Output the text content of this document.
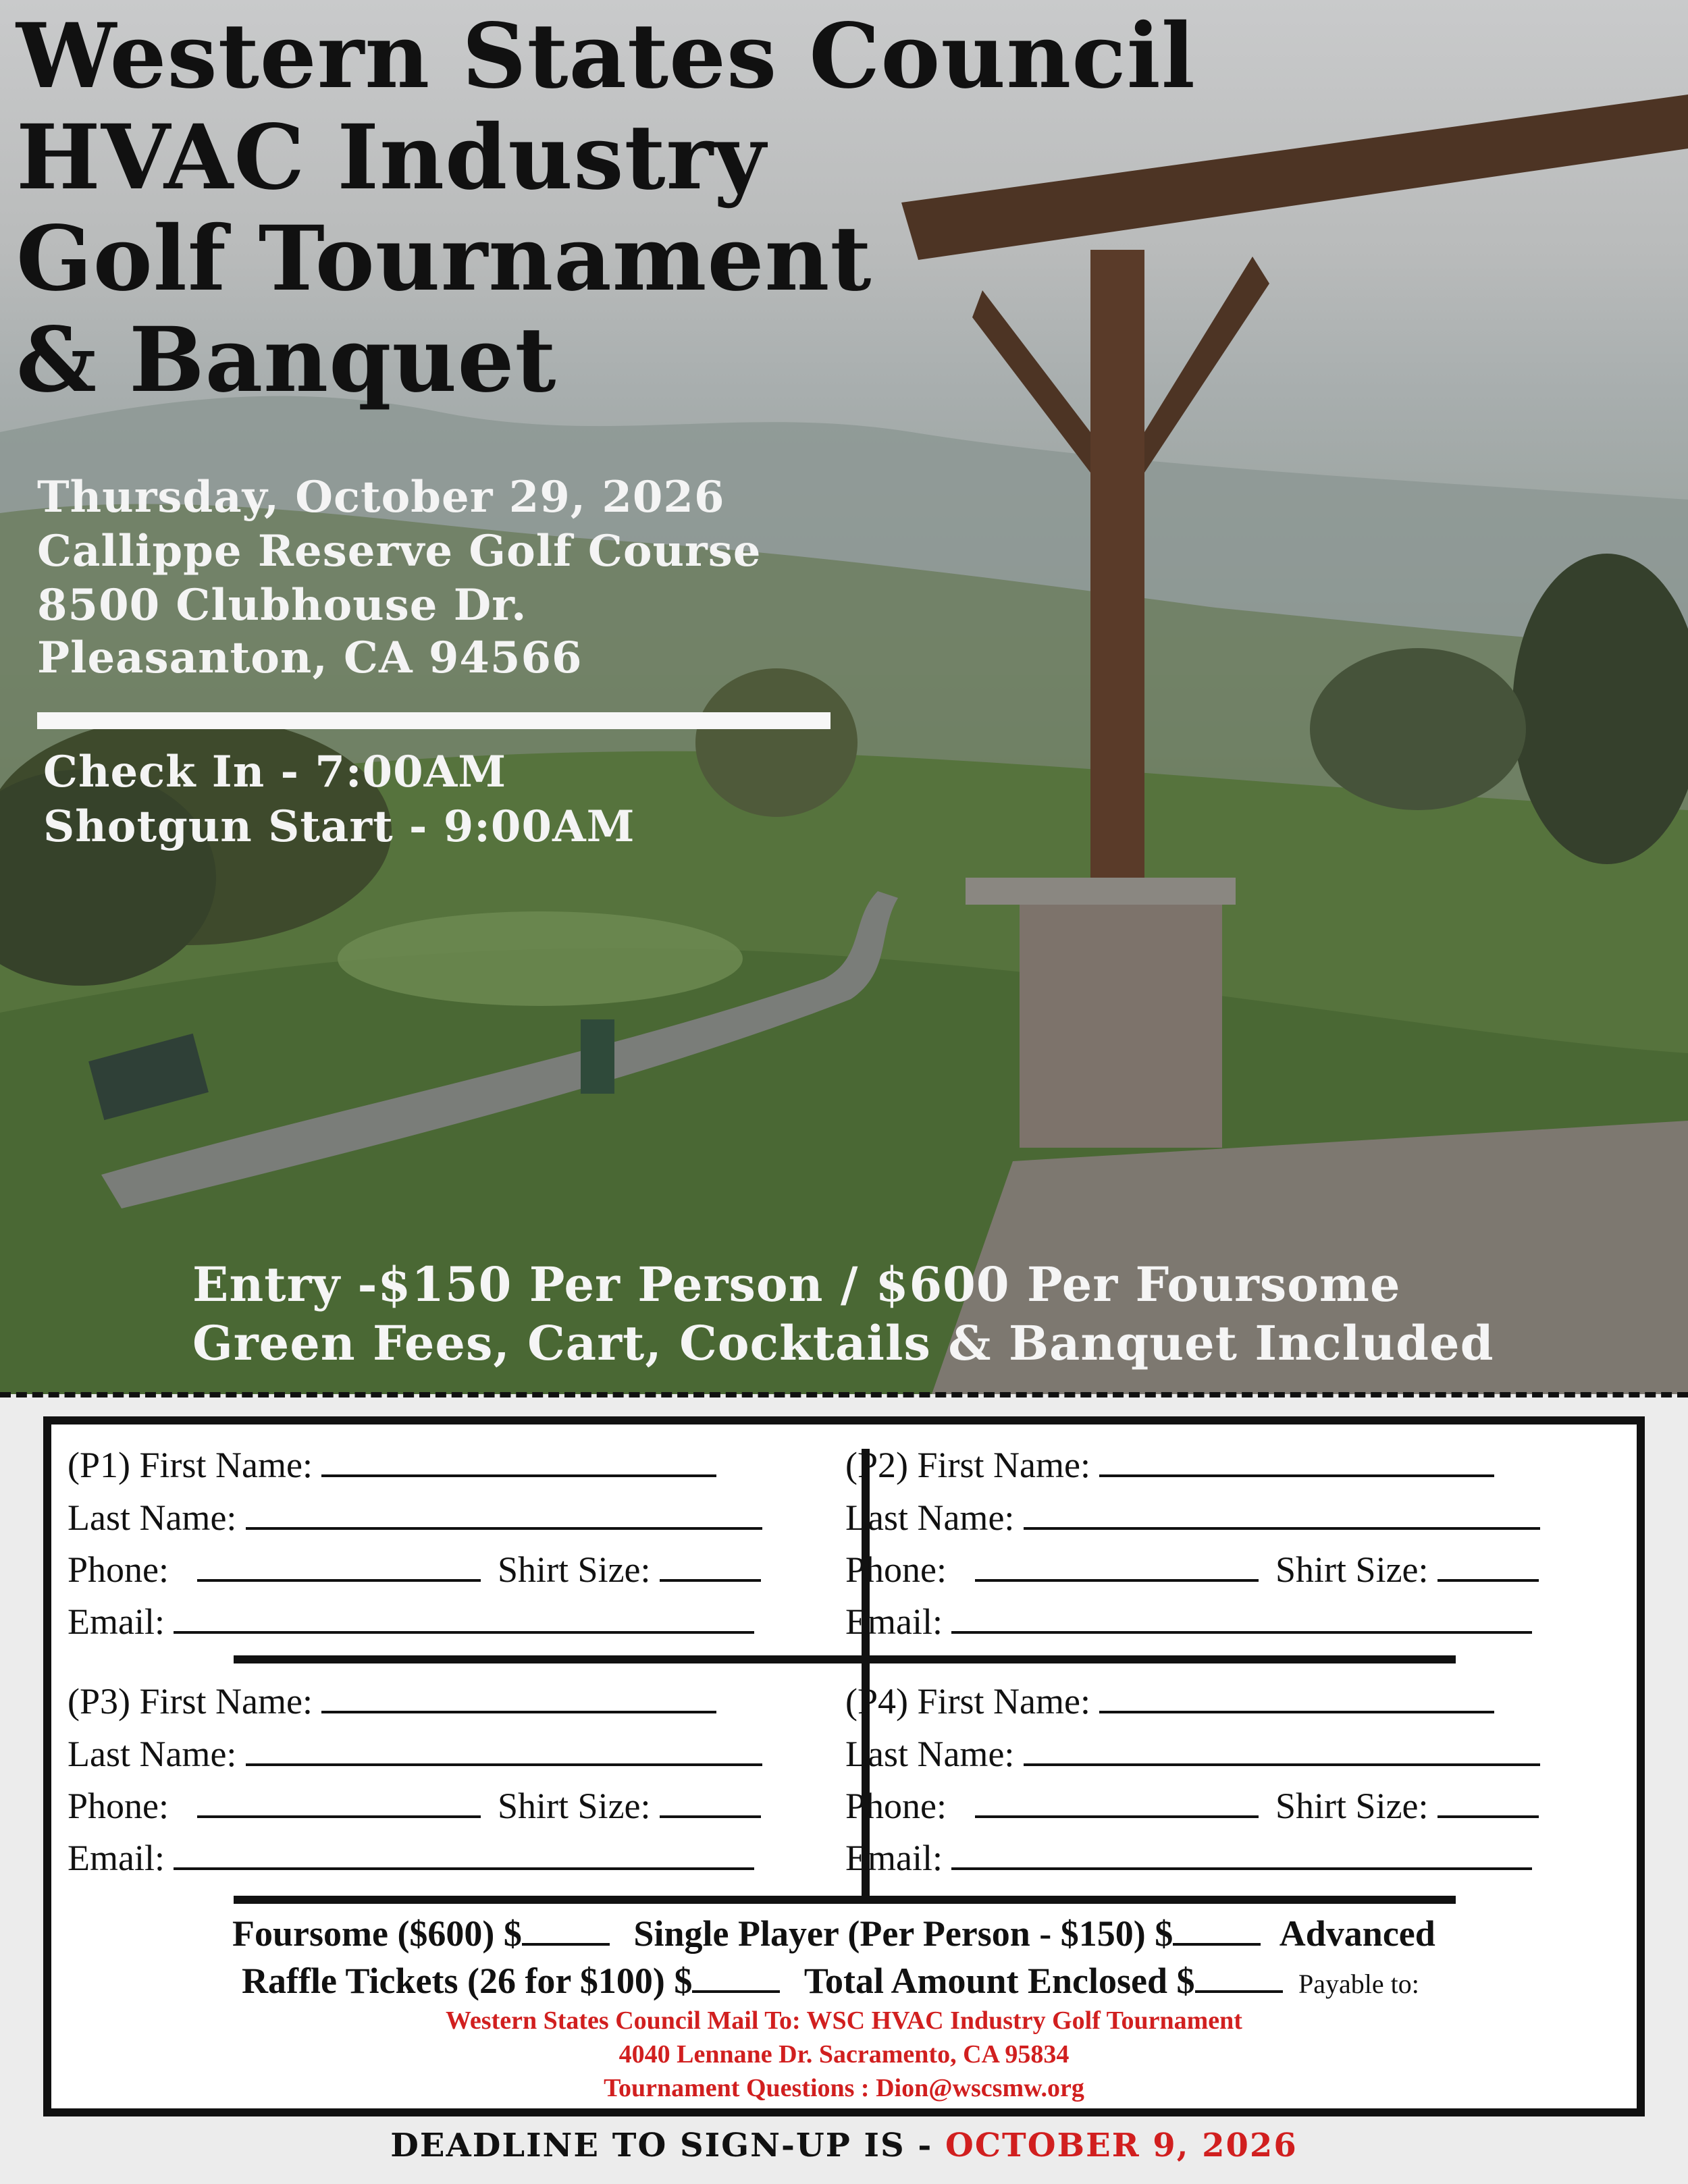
Western States Council
HVAC Industry
Golf Tournament
& Banquet
Thursday, October 29, 2026
Callippe Reserve Golf Course
8500 Clubhouse Dr.
Pleasanton, CA 94566
Check In - 7:00AM
Shotgun Start - 9:00AM
Entry -$150 Per Person / $600 Per Foursome
Green Fees, Cart, Cocktails & Banquet Included
(P1) First Name:
Last Name:
Phone:	Shirt Size:
Email:
(P2) First Name:
Last Name:
Phone:	Shirt Size:
Email:
(P3) First Name:
Last Name:
Phone:	Shirt Size:
Email:
(P4) First Name:
Last Name:
Phone:	Shirt Size:
Email:
Foursome ($600) $	Single Player (Per Person - $150) $	Advanced
Raffle Tickets (26 for $100) $	Total Amount Enclosed $	Payable to:
Western States Council Mail To: WSC HVAC Industry Golf Tournament
4040 Lennane Dr. Sacramento, CA 95834
Tournament Questions : Dion@wscsmw.org
DEADLINE TO SIGN-UP IS - OCTOBER 9, 2026
